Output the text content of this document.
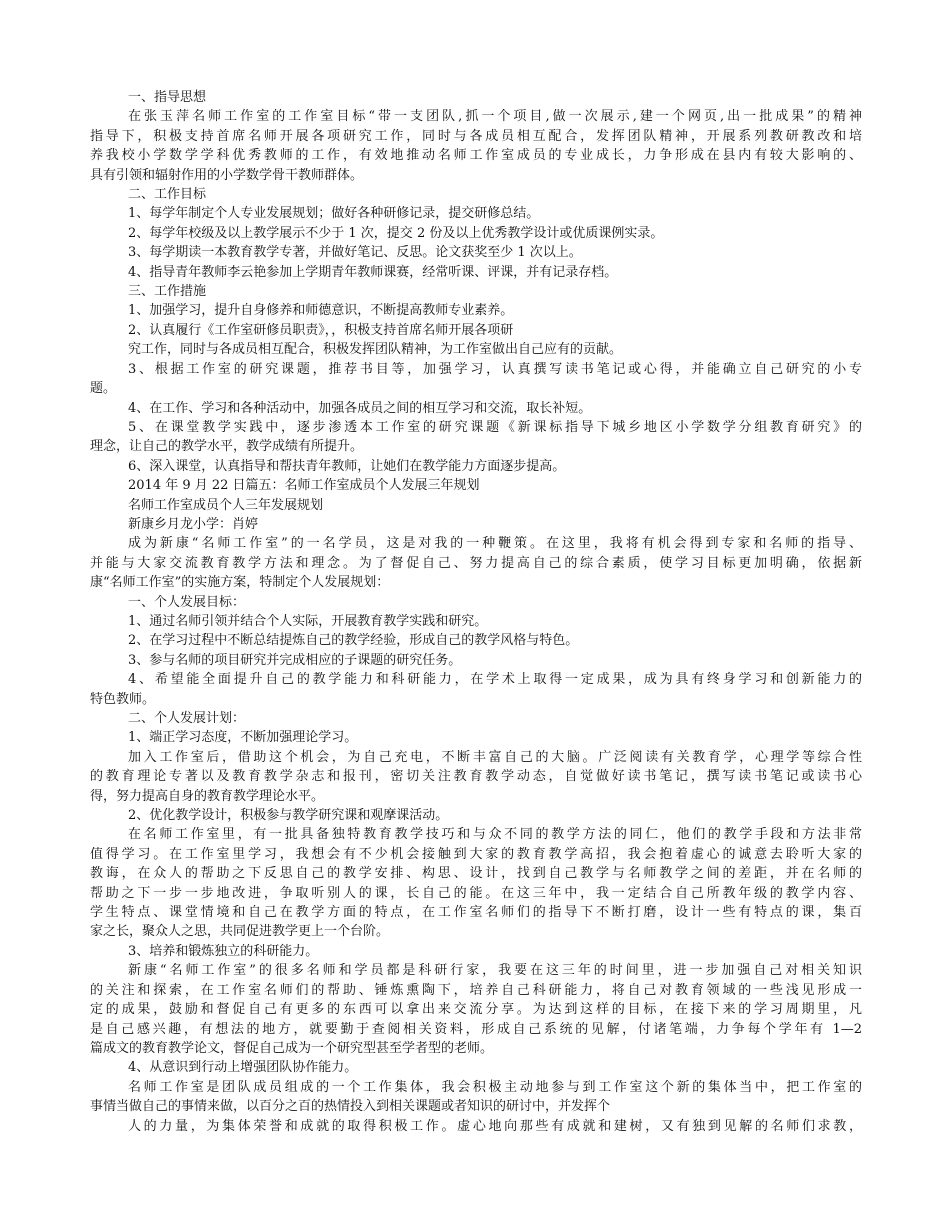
一、指导思想
在张玉萍名师工作室的工作室目标“带一支团队,抓一个项目,做一次展示,建一个网页,出一批成果”的精神
指导下，积极支持首席名师开展各项研究工作，同时与各成员相互配合，发挥团队精神，开展系列教研教改和培
养我校小学数学学科优秀教师的工作，有效地推动名师工作室成员的专业成长，力争形成在县内有较大影响的、
具有引领和辐射作用的小学数学骨干教师群体。
二、工作目标
1、每学年制定个人专业发展规划；做好各种研修记录，提交研修总结。
2、每学年校级及以上教学展示不少于 1 次，提交 2 份及以上优秀教学设计或优质课例实录。
3、每学期读一本教育教学专著，并做好笔记、反思。论文获奖至少 1 次以上。
4、指导青年教师李云艳参加上学期青年教师课赛，经常听课、评课，并有记录存档。
三、工作措施
1、加强学习，提升自身修养和师德意识，不断提高教师专业素养。
2、认真履行《工作室研修员职责》，，积极支持首席名师开展各项研
究工作，同时与各成员相互配合，积极发挥团队精神，为工作室做出自己应有的贡献。
3、根据工作室的研究课题，推荐书目等，加强学习，认真撰写读书笔记或心得，并能确立自己研究的小专
题。
4、在工作、学习和各种活动中，加强各成员之间的相互学习和交流，取长补短。
5、在课堂教学实践中，逐步渗透本工作室的研究课题《新课标指导下城乡地区小学数学分组教育研究》的
理念，让自己的教学水平，教学成绩有所提升。
6、深入课堂，认真指导和帮扶青年教师，让她们在教学能力方面逐步提高。
2014 年 9 月 22 日篇五：名师工作室成员个人发展三年规划
名师工作室成员个人三年发展规划
新康乡月龙小学：肖婷
成为新康“名师工作室”的一名学员，这是对我的一种鞭策。在这里，我将有机会得到专家和名师的指导、
并能与大家交流教育教学方法和理念。为了督促自己、努力提高自己的综合素质，使学习目标更加明确，依据新
康“名师工作室”的实施方案，特制定个人发展规划：
一、个人发展目标：
1、通过名师引领并结合个人实际，开展教育教学实践和研究。
2、在学习过程中不断总结提炼自己的教学经验，形成自己的教学风格与特色。
3、参与名师的项目研究并完成相应的子课题的研究任务。
4、希望能全面提升自己的教学能力和科研能力，在学术上取得一定成果，成为具有终身学习和创新能力的
特色教师。
二、个人发展计划：
1、端正学习态度，不断加强理论学习。
加入工作室后，借助这个机会，为自己充电，不断丰富自己的大脑。广泛阅读有关教育学，心理学等综合性
的教育理论专著以及教育教学杂志和报刊，密切关注教育教学动态，自觉做好读书笔记，撰写读书笔记或读书心
得，努力提高自身的教育教学理论水平。
2、优化教学设计，积极参与教学研究课和观摩课活动。
在名师工作室里，有一批具备独特教育教学技巧和与众不同的教学方法的同仁，他们的教学手段和方法非常
值得学习。在工作室里学习，我想会有不少机会接触到大家的教育教学高招，我会抱着虚心的诚意去聆听大家的
教诲，在众人的帮助之下反思自己的教学安排、构思、设计，找到自己教学与名师教学之间的差距，并在名师的
帮助之下一步一步地改进，争取听别人的课，长自己的能。在这三年中，我一定结合自己所教年级的教学内容、
学生特点、课堂情境和自己在教学方面的特点，在工作室名师们的指导下不断打磨，设计一些有特点的课，集百
家之长，聚众人之思，共同促进教学更上一个台阶。
3、培养和锻炼独立的科研能力。
新康“名师工作室”的很多名师和学员都是科研行家，我要在这三年的时间里，进一步加强自己对相关知识
的关注和探索，在工作室名师们的帮助、锤炼熏陶下，培养自己科研能力，将自己对教育领域的一些浅见形成一
定的成果，鼓励和督促自己有更多的东西可以拿出来交流分享。为达到这样的目标，在接下来的学习周期里，凡
是自己感兴趣，有想法的地方，就要勤于查阅相关资料，形成自己系统的见解，付诸笔端，力争每个学年有 1—2
篇成文的教育教学论文，督促自己成为一个研究型甚至学者型的老师。
4、从意识到行动上增强团队协作能力。
名师工作室是团队成员组成的一个工作集体，我会积极主动地参与到工作室这个新的集体当中，把工作室的
事情当做自己的事情来做，以百分之百的热情投入到相关课题或者知识的研讨中，并发挥个
人的力量，为集体荣誉和成就的取得积极工作。虚心地向那些有成就和建树，又有独到见解的名师们求教，
